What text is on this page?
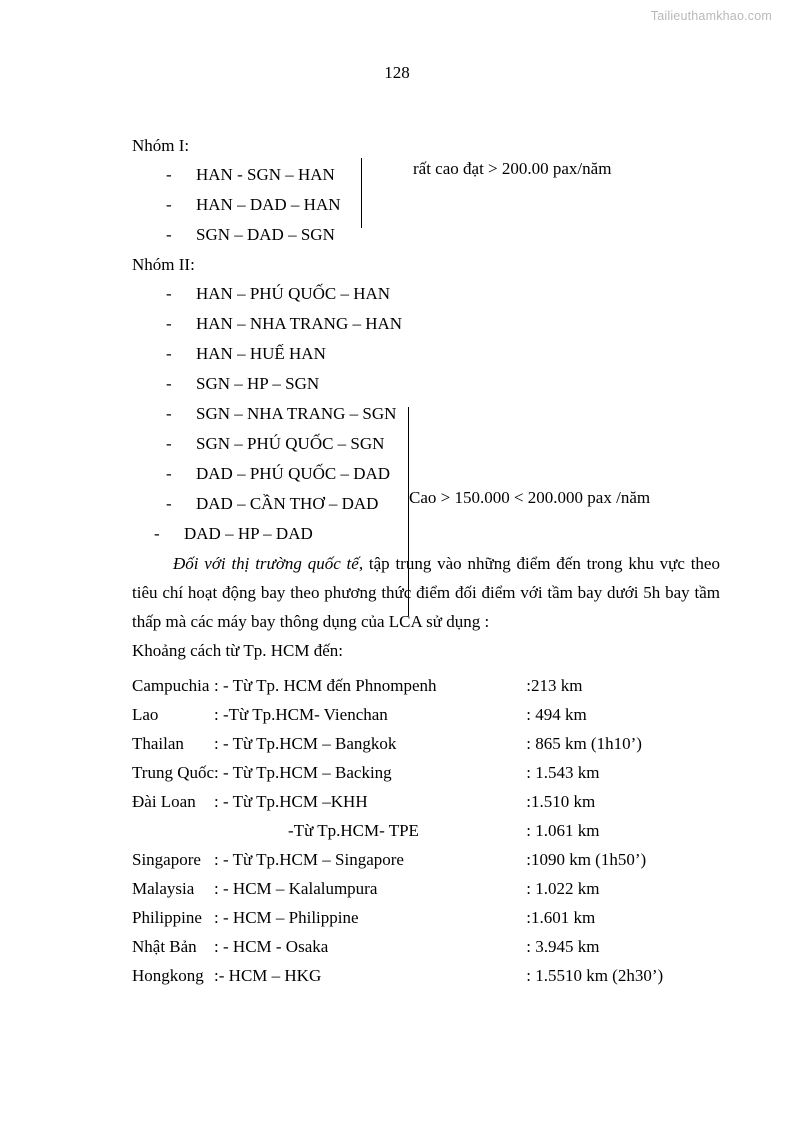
Tailieuthamkhao.com
128
Nhóm I:
-	HAN - SGN – HAN
-	HAN – DAD – HAN
-	SGN – DAD – SGN
rất cao đạt > 200.00 pax/năm
Nhóm II:
-	HAN – PHÚ QUỐC – HAN
-	HAN – NHA TRANG – HAN
-	HAN – HUẾ HAN
-	SGN – HP – SGN
-	SGN – NHA TRANG – SGN
-	SGN – PHÚ QUỐC – SGN
-	DAD – PHÚ QUỐC – DAD
-	DAD – CẦN THƠ – DAD
-	DAD – HP – DAD
Cao > 150.000 < 200.000 pax /năm

Đối với thị trường quốc tế, tập trung vào những điểm đến trong khu vực theo tiêu chí hoạt động bay theo phương thức điểm đối điểm với tầm bay dưới 5h bay tầm thấp mà các máy bay thông dụng của LCA sử dụng :

Khoảng cách từ Tp. HCM đến:
Campuchia	: - Từ Tp. HCM đến Phnompenh	:213 km
Lao	: -Từ Tp.HCM- Vienchan	: 494 km
Thailan	: - Từ Tp.HCM – Bangkok	: 865 km (1h10’)
Trung Quốc	: - Từ Tp.HCM – Backing	: 1.543 km
Đài Loan	: - Từ Tp.HCM –KHH	:1.510 km
	-Từ Tp.HCM- TPE	: 1.061 km
Singapore	: - Từ Tp.HCM – Singapore	:1090 km (1h50’)
Malaysia	: - HCM – Kalalumpura	: 1.022 km
Philippine	: - HCM – Philippine	:1.601 km
Nhật Bản	: - HCM - Osaka	: 3.945 km
Hongkong	:- HCM – HKG	: 1.5510 km (2h30’)
